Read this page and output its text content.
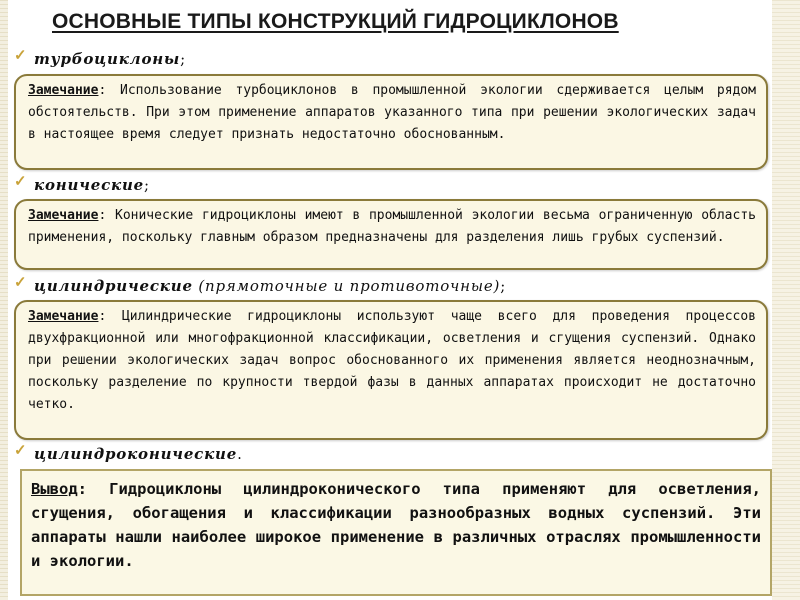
ОСНОВНЫЕ ТИПЫ КОНСТРУКЦИЙ ГИДРОЦИКЛОНОВ
✓ турбоциклоны;
Замечание: Использование турбоциклонов в промышленной экологии сдерживается целым рядом обстоятельств. При этом применение аппаратов указанного типа при решении экологических задач в настоящее время следует признать недостаточно обоснованным.
✓ конические;
Замечание: Конические гидроциклоны имеют в промышленной экологии весьма ограниченную область применения, поскольку главным образом предназначены для разделения лишь грубых суспензий.
✓ цилиндрические (прямоточные и противоточные);
Замечание: Цилиндрические гидроциклоны используют чаще всего для проведения процессов двухфракционной или многофракционной классификации, осветления и сгущения суспензий. Однако при решении экологических задач вопрос обоснованного их применения является неоднозначным, поскольку разделение по крупности твердой фазы в данных аппаратах происходит не достаточно четко.
✓ цилиндроконические.
Вывод: Гидроциклоны цилиндроконического типа применяют для осветления, сгущения, обогащения и классификации разнообразных водных суспензий. Эти аппараты нашли наиболее широкое применение в различных отраслях промышленности и экологии.
